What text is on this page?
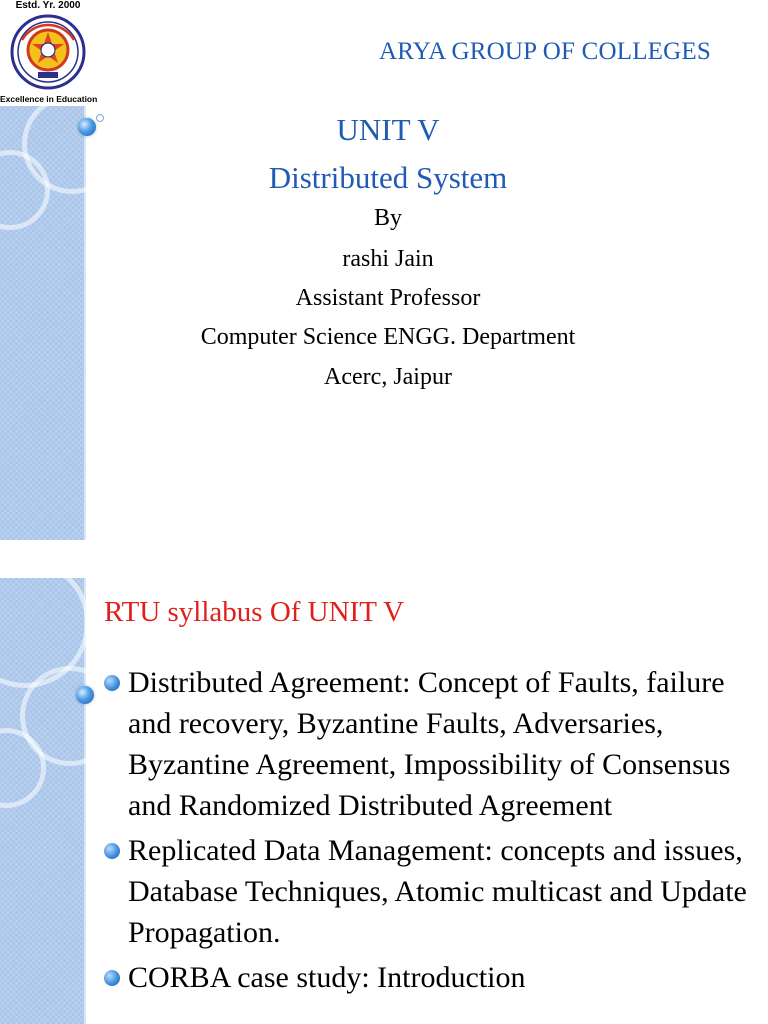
Estd. Yr. 2000
Excellence in Education
ARYA GROUP OF COLLEGES
UNIT V
Distributed System
By
rashi Jain
Assistant Professor
Computer Science ENGG. Department
Acerc, Jaipur
RTU syllabus Of UNIT V
Distributed Agreement: Concept of Faults, failure and recovery, Byzantine Faults, Adversaries, Byzantine Agreement, Impossibility of Consensus and Randomized Distributed Agreement
Replicated Data Management: concepts and issues, Database Techniques, Atomic multicast and Update Propagation.
CORBA case study: Introduction
